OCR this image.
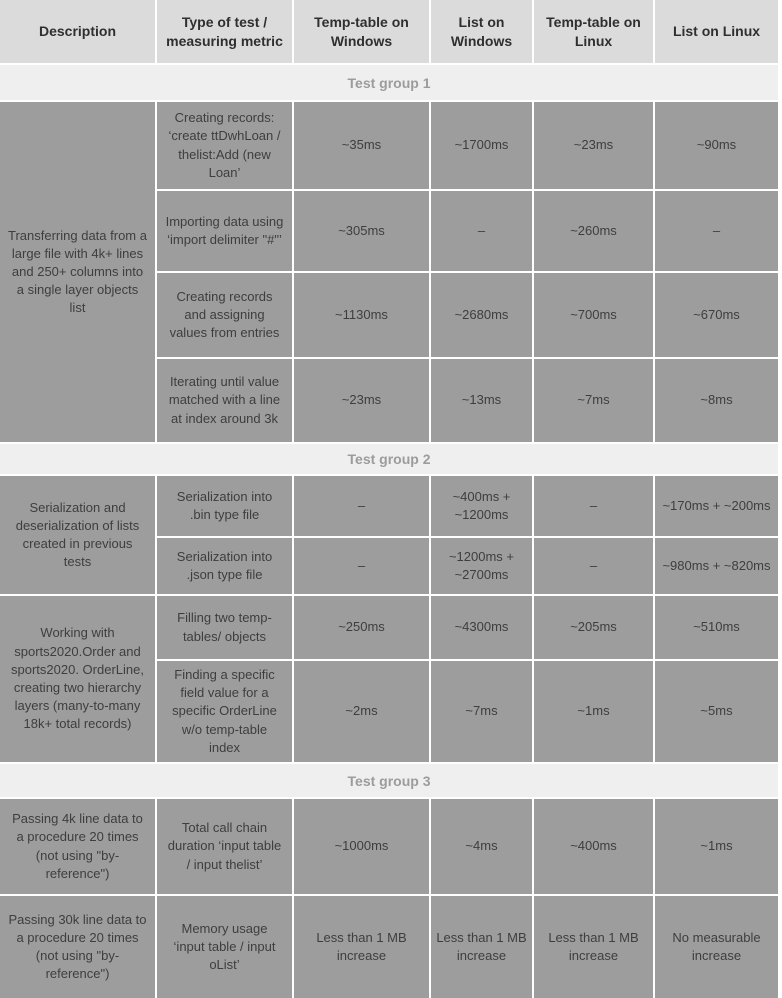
Description	Type of test / measuring metric	Temp-table on Windows	List on Windows	Temp-table on Linux	List on Linux
Test group 1					
Transferring data from a large file with 4k+ lines and 250+ columns into a single layer objects list	Creating records: ‘create ttDwhLoan / thelist:Add (new Loan’	~35ms	~1700ms	~23ms	~90ms
	Importing data using ‘import delimiter "#"’	~305ms	–	~260ms	–
	Creating records and assigning values from entries	~1130ms	~2680ms	~700ms	~670ms
	Iterating until value matched with a line at index around 3k	~23ms	~13ms	~7ms	~8ms
Test group 2					
Serialization and deserialization of lists created in previous tests	Serialization into .bin type file	–	~400ms + ~1200ms	–	~170ms + ~200ms
	Serialization into .json type file	–	~1200ms + ~2700ms	–	~980ms + ~820ms
Working with sports2020.Order and sports2020. OrderLine, creating two hierarchy layers (many-to-many 18k+ total records)	Filling two temp-tables/ objects	~250ms	~4300ms	~205ms	~510ms
	Finding a specific field value for a specific OrderLine w/o temp-table index	~2ms	~7ms	~1ms	~5ms
Test group 3					
Passing 4k line data to a procedure 20 times (not using "by-reference")	Total call chain duration ‘input table / input thelist’	~1000ms	~4ms	~400ms	~1ms
Passing 30k line data to a procedure 20 times (not using "by-reference")	Memory usage ‘input table / input oList’	Less than 1 MB increase	Less than 1 MB increase	Less than 1 MB increase	No measurable increase
